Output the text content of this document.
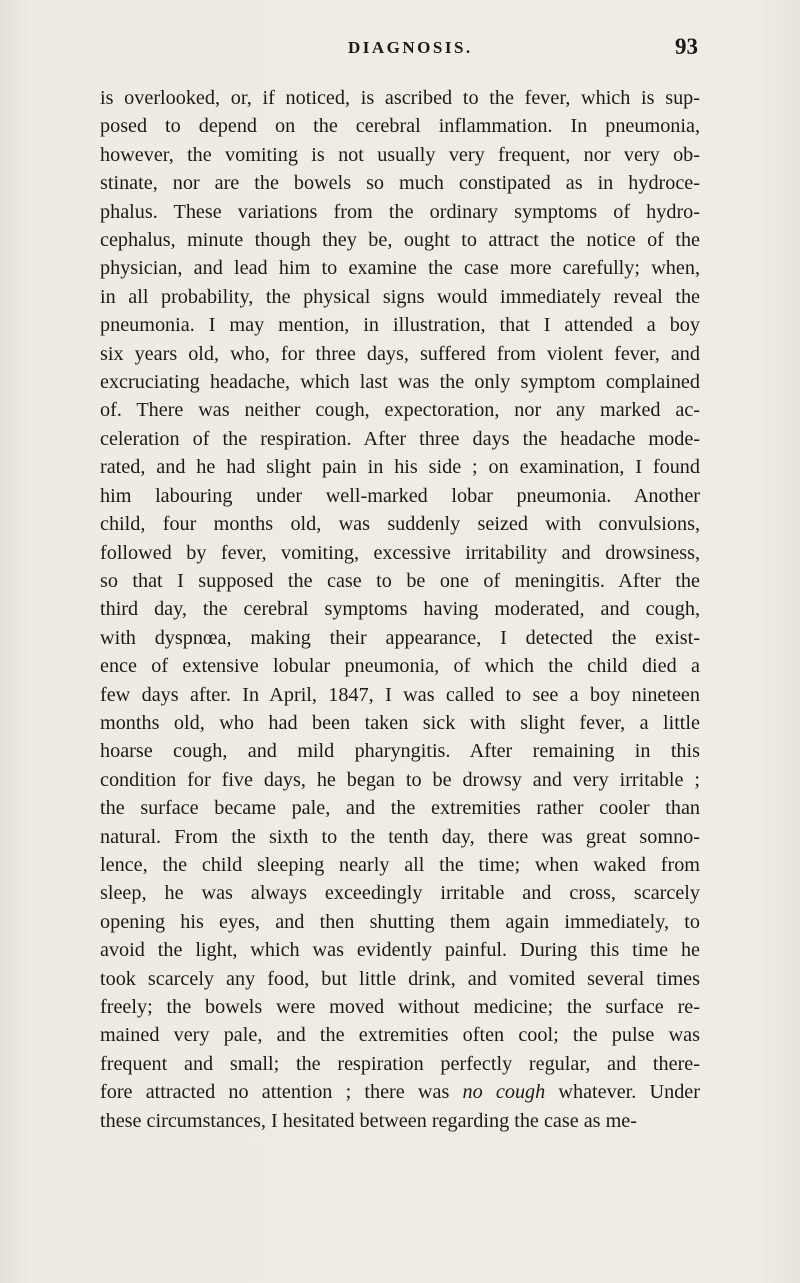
DIAGNOSIS.	93
is overlooked, or, if noticed, is ascribed to the fever, which is sup-
posed to depend on the cerebral inflammation. In pneumonia,
however, the vomiting is not usually very frequent, nor very ob-
stinate, nor are the bowels so much constipated as in hydroce-
phalus. These variations from the ordinary symptoms of hydro-
cephalus, minute though they be, ought to attract the notice of the
physician, and lead him to examine the case more carefully; when,
in all probability, the physical signs would immediately reveal the
pneumonia. I may mention, in illustration, that I attended a boy
six years old, who, for three days, suffered from violent fever, and
excruciating headache, which last was the only symptom complained
of. There was neither cough, expectoration, nor any marked ac-
celeration of the respiration. After three days the headache mode-
rated, and he had slight pain in his side ; on examination, I found
him labouring under well-marked lobar pneumonia. Another
child, four months old, was suddenly seized with convulsions,
followed by fever, vomiting, excessive irritability and drowsiness,
so that I supposed the case to be one of meningitis. After the
third day, the cerebral symptoms having moderated, and cough,
with dyspnœa, making their appearance, I detected the exist-
ence of extensive lobular pneumonia, of which the child died a
few days after. In April, 1847, I was called to see a boy nineteen
months old, who had been taken sick with slight fever, a little
hoarse cough, and mild pharyngitis. After remaining in this
condition for five days, he began to be drowsy and very irritable ;
the surface became pale, and the extremities rather cooler than
natural. From the sixth to the tenth day, there was great somno-
lence, the child sleeping nearly all the time; when waked from
sleep, he was always exceedingly irritable and cross, scarcely
opening his eyes, and then shutting them again immediately, to
avoid the light, which was evidently painful. During this time he
took scarcely any food, but little drink, and vomited several times
freely; the bowels were moved without medicine; the surface re-
mained very pale, and the extremities often cool; the pulse was
frequent and small; the respiration perfectly regular, and there-
fore attracted no attention ; there was no cough whatever. Under
these circumstances, I hesitated between regarding the case as me-
